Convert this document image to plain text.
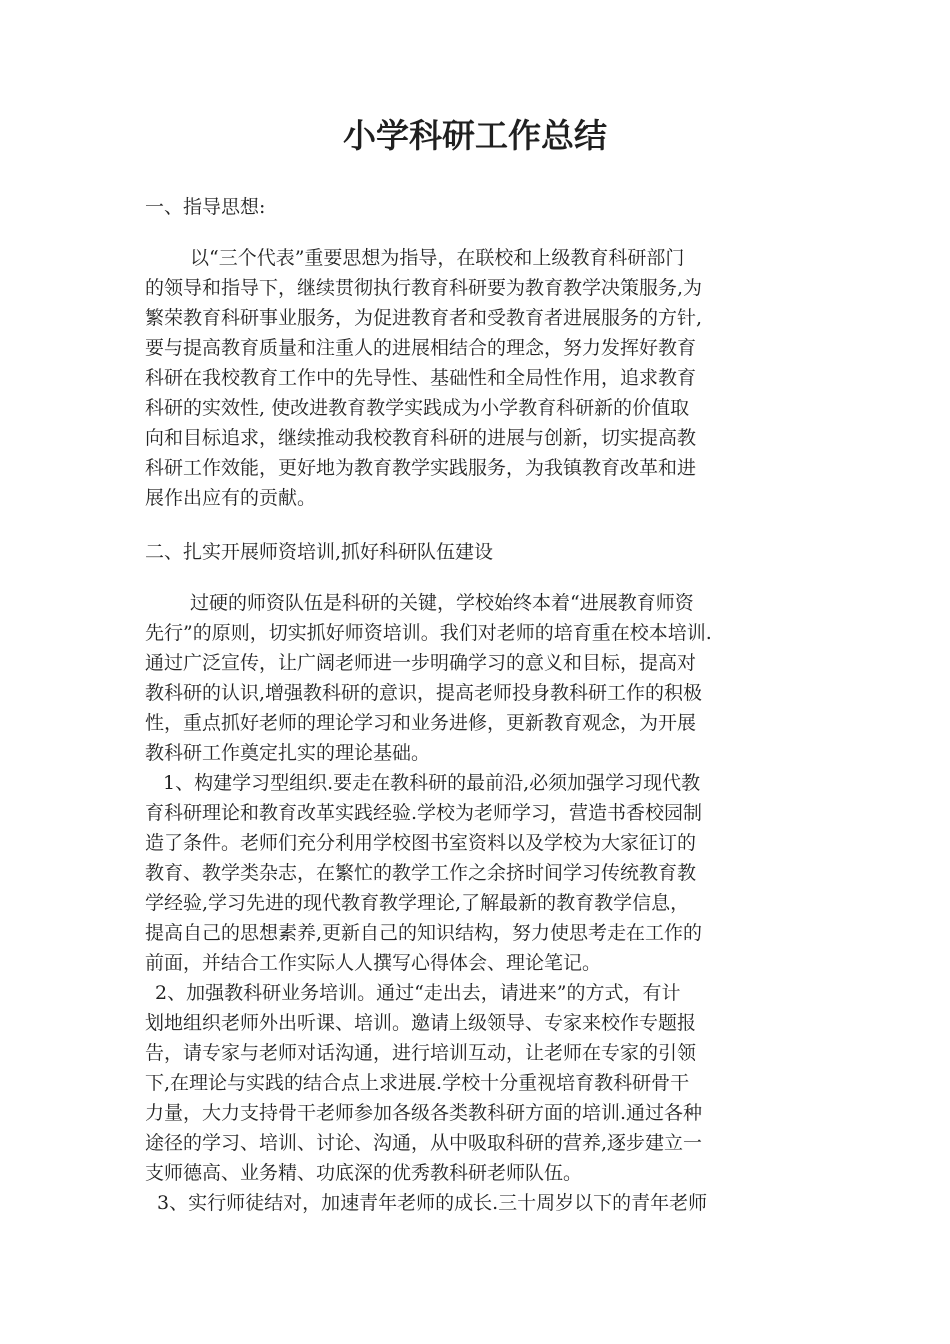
小学科研工作总结
一、指导思想:
以“三个代表”重要思想为指导，在联校和上级教育科研部门
的领导和指导下，继续贯彻执行教育科研要为教育教学决策服务,为
繁荣教育科研事业服务，为促进教育者和受教育者进展服务的方针,
要与提高教育质量和注重人的进展相结合的理念，努力发挥好教育
科研在我校教育工作中的先导性、基础性和全局性作用，追求教育
科研的实效性, 使改进教育教学实践成为小学教育科研新的价值取
向和目标追求，继续推动我校教育科研的进展与创新，切实提高教
科研工作效能，更好地为教育教学实践服务，为我镇教育改革和进
展作出应有的贡献。
二、扎实开展师资培训,抓好科研队伍建设
过硬的师资队伍是科研的关键，学校始终本着“进展教育师资
先行”的原则，切实抓好师资培训。我们对老师的培育重在校本培训.
通过广泛宣传，让广阔老师进一步明确学习的意义和目标，提高对
教科研的认识,增强教科研的意识，提高老师投身教科研工作的积极
性，重点抓好老师的理论学习和业务进修，更新教育观念，为开展
教科研工作奠定扎实的理论基础。
1、构建学习型组织.要走在教科研的最前沿,必须加强学习现代教
育科研理论和教育改革实践经验.学校为老师学习，营造书香校园制
造了条件。老师们充分利用学校图书室资料以及学校为大家征订的
教育、教学类杂志，在繁忙的教学工作之余挤时间学习传统教育教
学经验,学习先进的现代教育教学理论,了解最新的教育教学信息，
提高自己的思想素养,更新自己的知识结构，努力使思考走在工作的
前面，并结合工作实际人人撰写心得体会、理论笔记。
2、加强教科研业务培训。通过“走出去，请进来”的方式，有计
划地组织老师外出听课、培训。邀请上级领导、专家来校作专题报
告，请专家与老师对话沟通，进行培训互动，让老师在专家的引领
下,在理论与实践的结合点上求进展.学校十分重视培育教科研骨干
力量，大力支持骨干老师参加各级各类教科研方面的培训.通过各种
途径的学习、培训、讨论、沟通，从中吸取科研的营养,逐步建立一
支师德高、业务精、功底深的优秀教科研老师队伍。
3、实行师徒结对，加速青年老师的成长.三十周岁以下的青年老师
